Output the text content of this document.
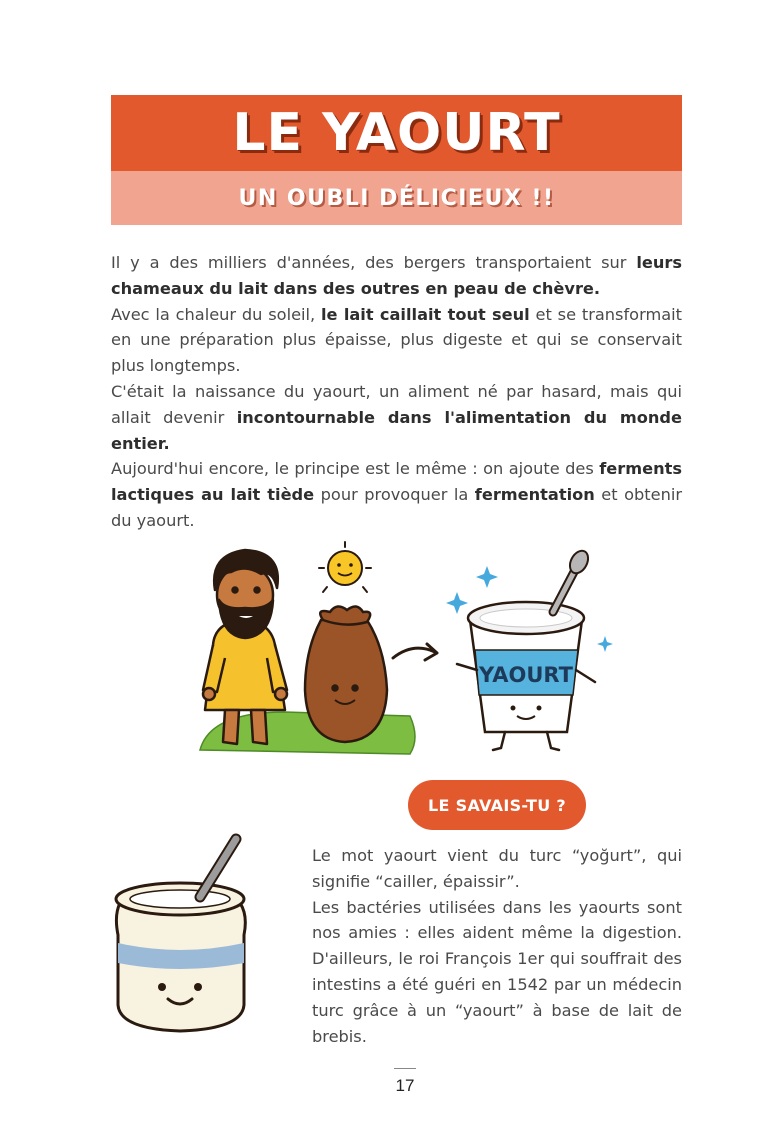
LE YAOURT
UN OUBLI DÉLICIEUX !!

Il y a des milliers d'années, des bergers transportaient sur leurs chameaux du lait dans des outres en peau de chèvre.

Avec la chaleur du soleil, le lait caillait tout seul et se transformait en une préparation plus épaisse, plus digeste et qui se conservait plus longtemps.

C'était la naissance du yaourt, un aliment né par hasard, mais qui allait devenir incontournable dans l'alimentation du monde entier.

Aujourd'hui encore, le principe est le même : on ajoute des ferments lactiques au lait tiède pour provoquer la fermentation et obtenir du yaourt.

YAOURT
LE SAVAIS-TU ?

Le mot yaourt vient du turc “yoğurt”, qui signifie “cailler, épaissir”.

Les bactéries utilisées dans les yaourts sont nos amies : elles aident même la digestion. D'ailleurs, le roi François 1er qui souffrait des intestins a été guéri en 1542 par un médecin turc grâce à un “yaourt” à base de lait de brebis.

17
